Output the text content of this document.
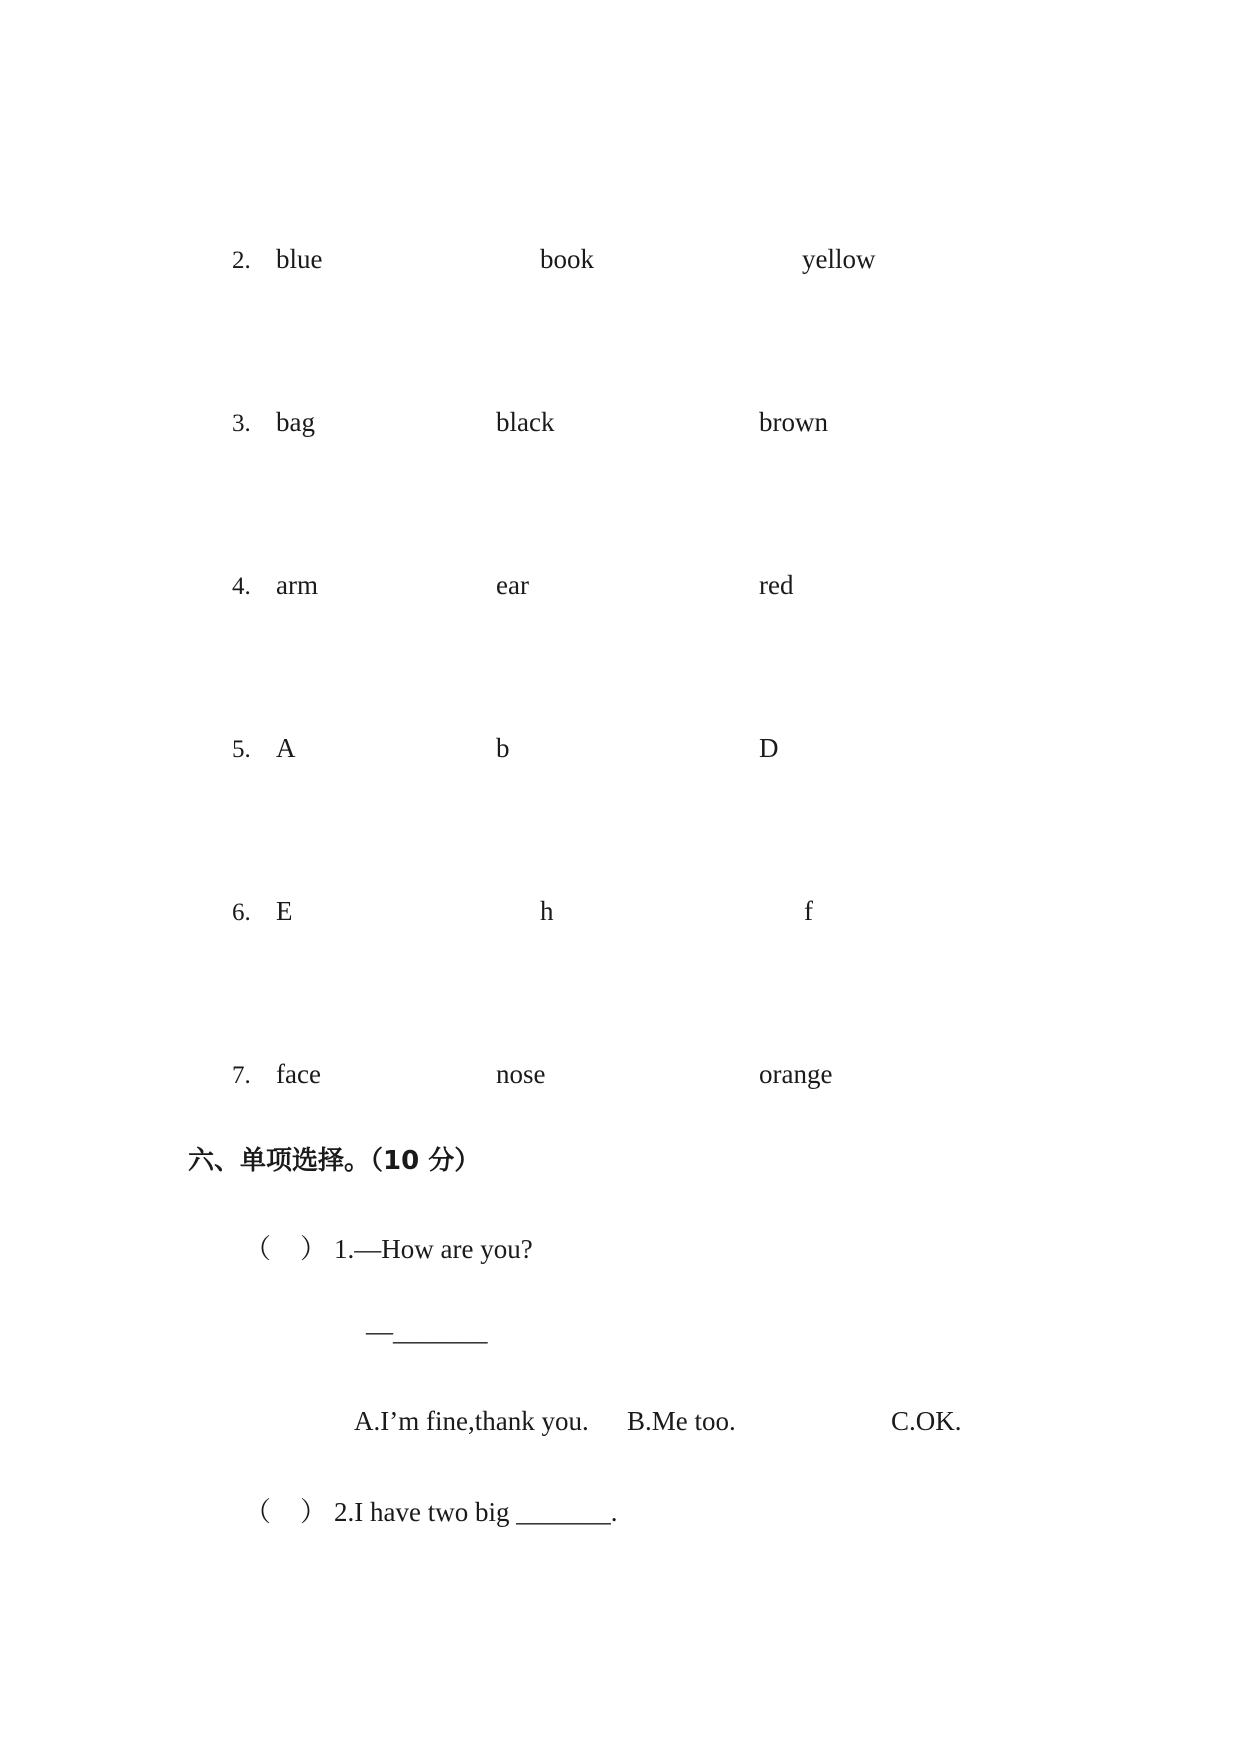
2. blue	book	yellow
3. bag	black	brown
4. arm	ear	red
5. A	b	D
6. E	h	f
7. face	nose	orange
六、单项选择。（10 分）
（ ） 1.—How are you?
—_______
A.I’m fine,thank you. B.Me too.	C.OK.
（ ） 2.I have two big _______.
